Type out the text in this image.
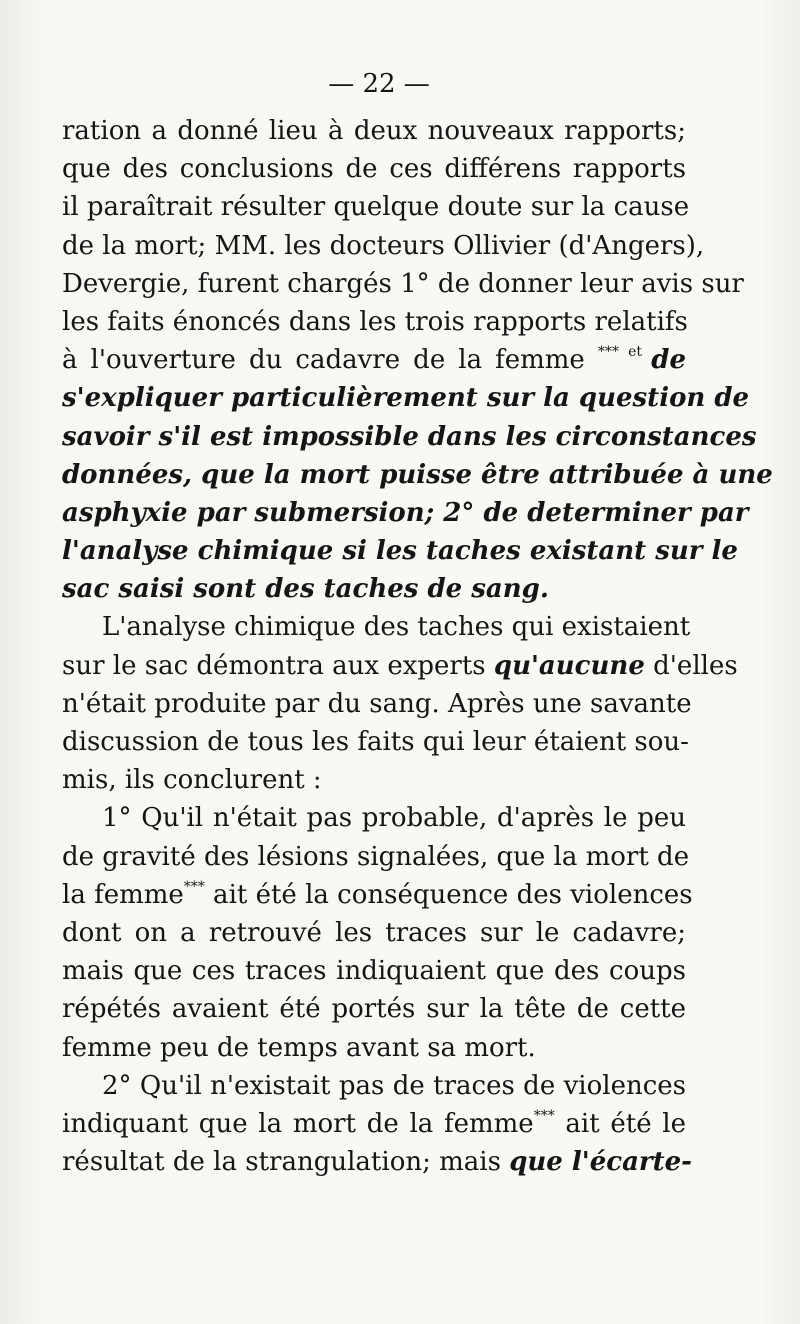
— 22 —
ration a donné lieu à deux nouveaux rapports;
que des conclusions de ces différens rapports
il paraîtrait résulter quelque doute sur la cause
de la mort; MM. les docteurs Ollivier (d'Angers),
Devergie, furent chargés 1° de donner leur avis sur
les faits énoncés dans les trois rapports relatifs
à l'ouverture du cadavre de la femme $^{*** et}$ de
s'expliquer particulièrement sur la question de
savoir s'il est impossible dans les circonstances
données, que la mort puisse être attribuée à une
asphyxie par submersion; 2° de determiner par
l'analyse chimique si les taches existant sur le
sac saisi sont des taches de sang.
L'analyse chimique des taches qui existaient
sur le sac démontra aux experts qu'aucune d'elles
n'était produite par du sang. Après une savante
discussion de tous les faits qui leur étaient sou-
mis, ils conclurent :
1° Qu'il n'était pas probable, d'après le peu
de gravité des lésions signalées, que la mort de
la femme*** ait été la conséquence des violences
dont on a retrouvé les traces sur le cadavre;
mais que ces traces indiquaient que des coups
répétés avaient été portés sur la tête de cette
femme peu de temps avant sa mort.
2° Qu'il n'existait pas de traces de violences
indiquant que la mort de la femme*** ait été le
résultat de la strangulation; mais que l'écarte-
